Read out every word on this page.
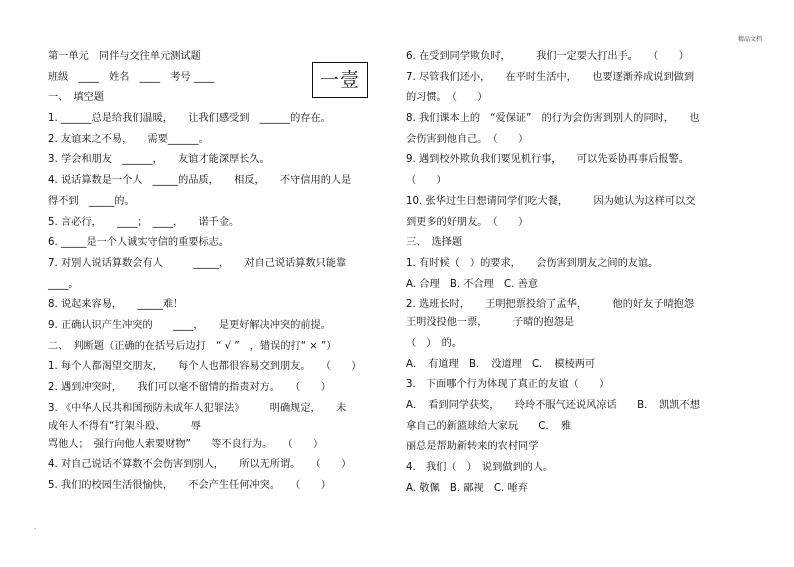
精品文档
一壹

第一单元　同伴与交往单元测试题

班级　____　姓名　____　考号 ____

一、　填空题

1. ______总是给我们温暖，　　让我们感受到　______的存在。

2. 友谊来之不易，　　需要______。

3. 学会和朋友　______，　　友谊才能深厚长久。

4. 说话算数是一个人　_____的品质，　　相反，　　不守信用的人是

得不到　_____的。

5. 言必行，　　____；　____，　　诺千金。

6. _____是一个人诚实守信的重要标志。

7. 对别人说话算数会有人　　　_____，　　对自己说话算数只能靠

____。

8. 说起来容易，　　_____难！

9. 正确认识产生冲突的　　____，　　是更好解决冲突的前提。

二、　判断题（正确的在括号后边打　“ √ ”　，错误的打“ × ”）

1. 每个人都渴望交朋友，　　每个人也都很容易交到朋友。　　（　　）

2. 遇到冲突时，　　我们可以毫不留情的指责对方。　　（　　）

3. 《中华人民共和国预防未成年人犯罪法》　　　明确规定，　　未

成年人不得有“打架斗殴、　　　辱

骂他人；　强行向他人索要财物”　　等不良行为。　　（　　）

4. 对自己说话不算数不会伤害到别人，　　所以无所谓。　　（　　）

5. 我们的校园生活很愉快，　　不会产生任何冲突。　　（　　）

6. 在受到同学欺负时，　　　我们一定要大打出手。　　（　　）

7. 尽管我们还小，　　在平时生活中，　　也要逐渐养成说到做到

的习惯。　（　　）

8. 我们课本上的　“爱保证”　的行为会伤害到别人的同时，　　也

会伤害到他自己。　（　　）

9. 遇到校外欺负我们要见机行事，　　可以先妥协再事后报警。

（　　）

10. 张华过生日想请同学们吃大餐，　　　因为她认为这样可以交

到更多的好朋友。　（　　）

三、　选择题

1. 有时候（　）的要求，　　会伤害到朋友之间的友谊。

A. 合理　B. 不合理　C. 善意

2. 选班长时，　　王明把票投给了孟华，　　　他的好友子晴抱怨

王明没投他一票，　　　子晴的抱怨是

（　）　的。

A．　有道理　B．　没道理　C．　模棱两可

3.　下面哪个行为体现了真正的友谊（　　）

A．　看到同学获奖，　　玲玲不服气还说风凉话　　B．　凯凯不想

拿自己的新篮球给大家玩　　C．　雅

丽总是帮助新转来的农村同学

4.　我们（　）　说到做到的人。

A. 敬佩　B. 鄙视　C. 唾弃

.
